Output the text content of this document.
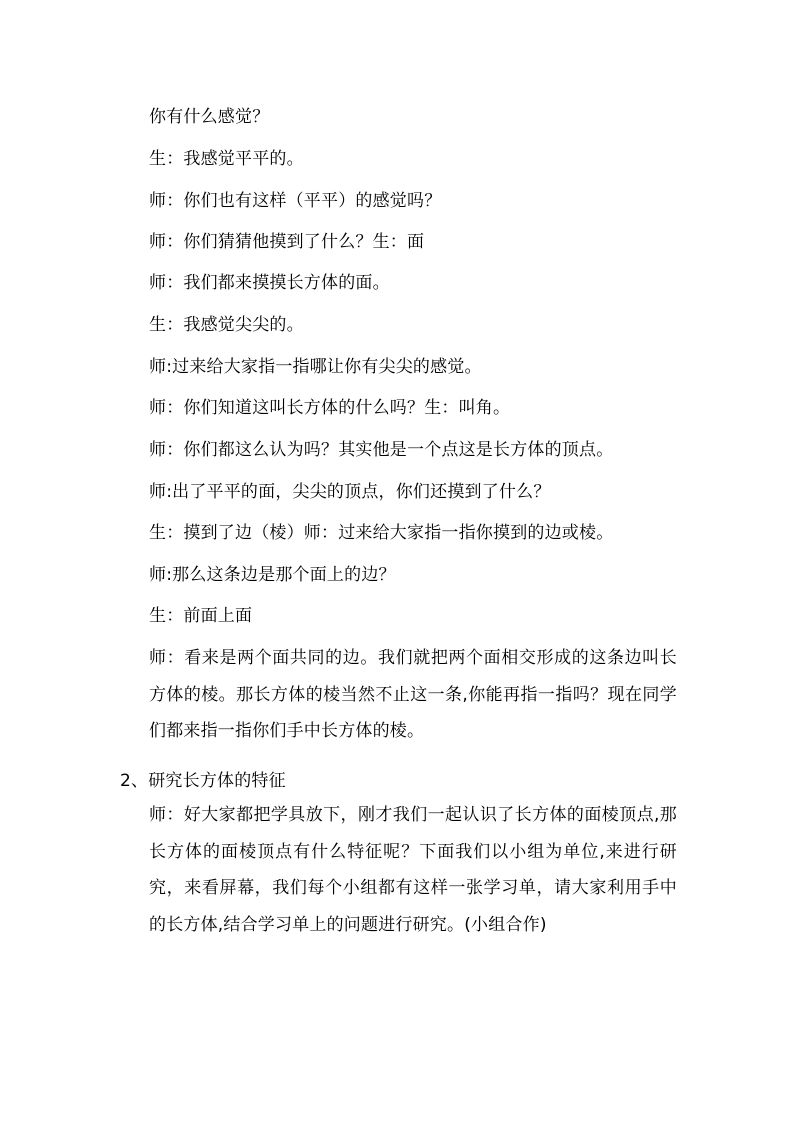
你有什么感觉？
生：我感觉平平的。
师：你们也有这样（平平）的感觉吗？
师：你们猜猜他摸到了什么？生：面
师：我们都来摸摸长方体的面。
生：我感觉尖尖的。
师:过来给大家指一指哪让你有尖尖的感觉。
师：你们知道这叫长方体的什么吗？生：叫角。
师：你们都这么认为吗？其实他是一个点这是长方体的顶点。
师:出了平平的面，尖尖的顶点，你们还摸到了什么？
生：摸到了边（棱）师：过来给大家指一指你摸到的边或棱。
师:那么这条边是那个面上的边？
生：前面上面
师：看来是两个面共同的边。我们就把两个面相交形成的这条边叫长方体的棱。那长方体的棱当然不止这一条,你能再指一指吗？现在同学们都来指一指你们手中长方体的棱。
2、研究长方体的特征
师：好大家都把学具放下，刚才我们一起认识了长方体的面棱顶点,那长方体的面棱顶点有什么特征呢？下面我们以小组为单位,来进行研究，来看屏幕，我们每个小组都有这样一张学习单，请大家利用手中的长方体,结合学习单上的问题进行研究。(小组合作)
